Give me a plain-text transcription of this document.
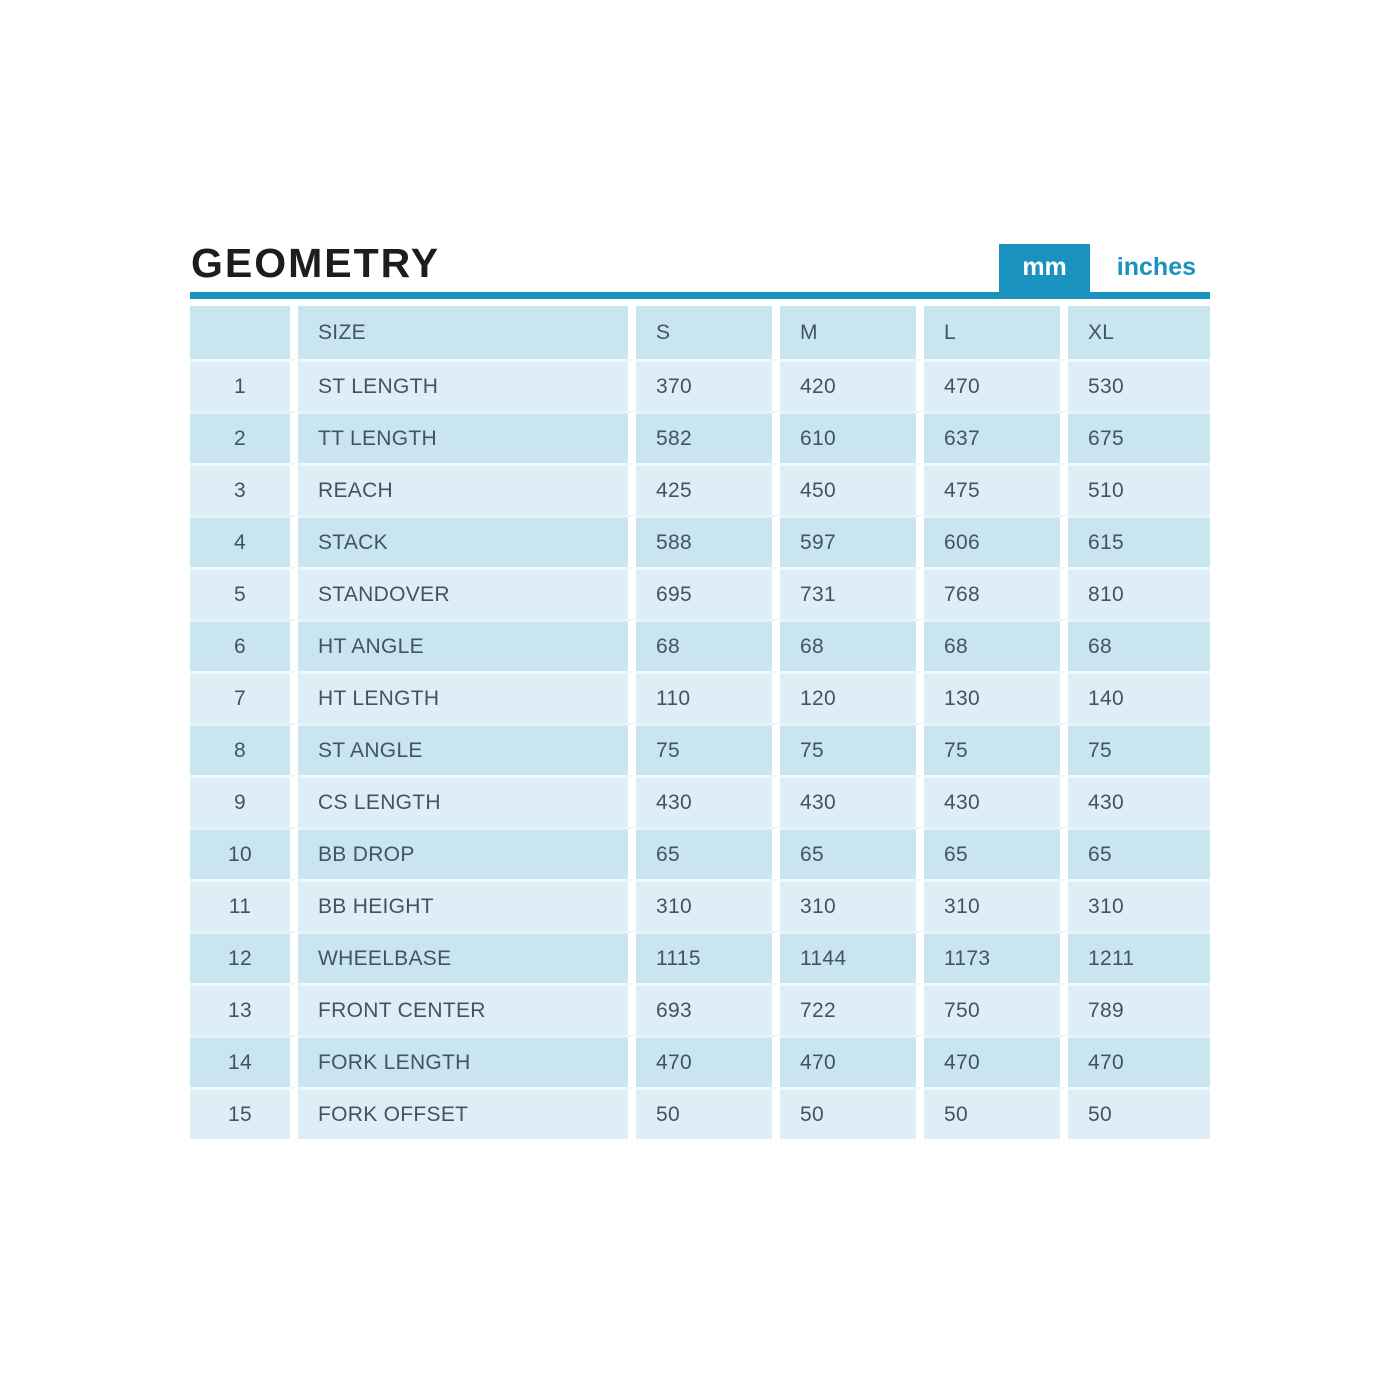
GEOMETRY	mm	inches
	SIZE	S	M	L	XL
1	ST LENGTH	370	420	470	530
2	TT LENGTH	582	610	637	675
3	REACH	425	450	475	510
4	STACK	588	597	606	615
5	STANDOVER	695	731	768	810
6	HT ANGLE	68	68	68	68
7	HT LENGTH	110	120	130	140
8	ST ANGLE	75	75	75	75
9	CS LENGTH	430	430	430	430
10	BB DROP	65	65	65	65
11	BB HEIGHT	310	310	310	310
12	WHEELBASE	1115	1144	1173	1211
13	FRONT CENTER	693	722	750	789
14	FORK LENGTH	470	470	470	470
15	FORK OFFSET	50	50	50	50
